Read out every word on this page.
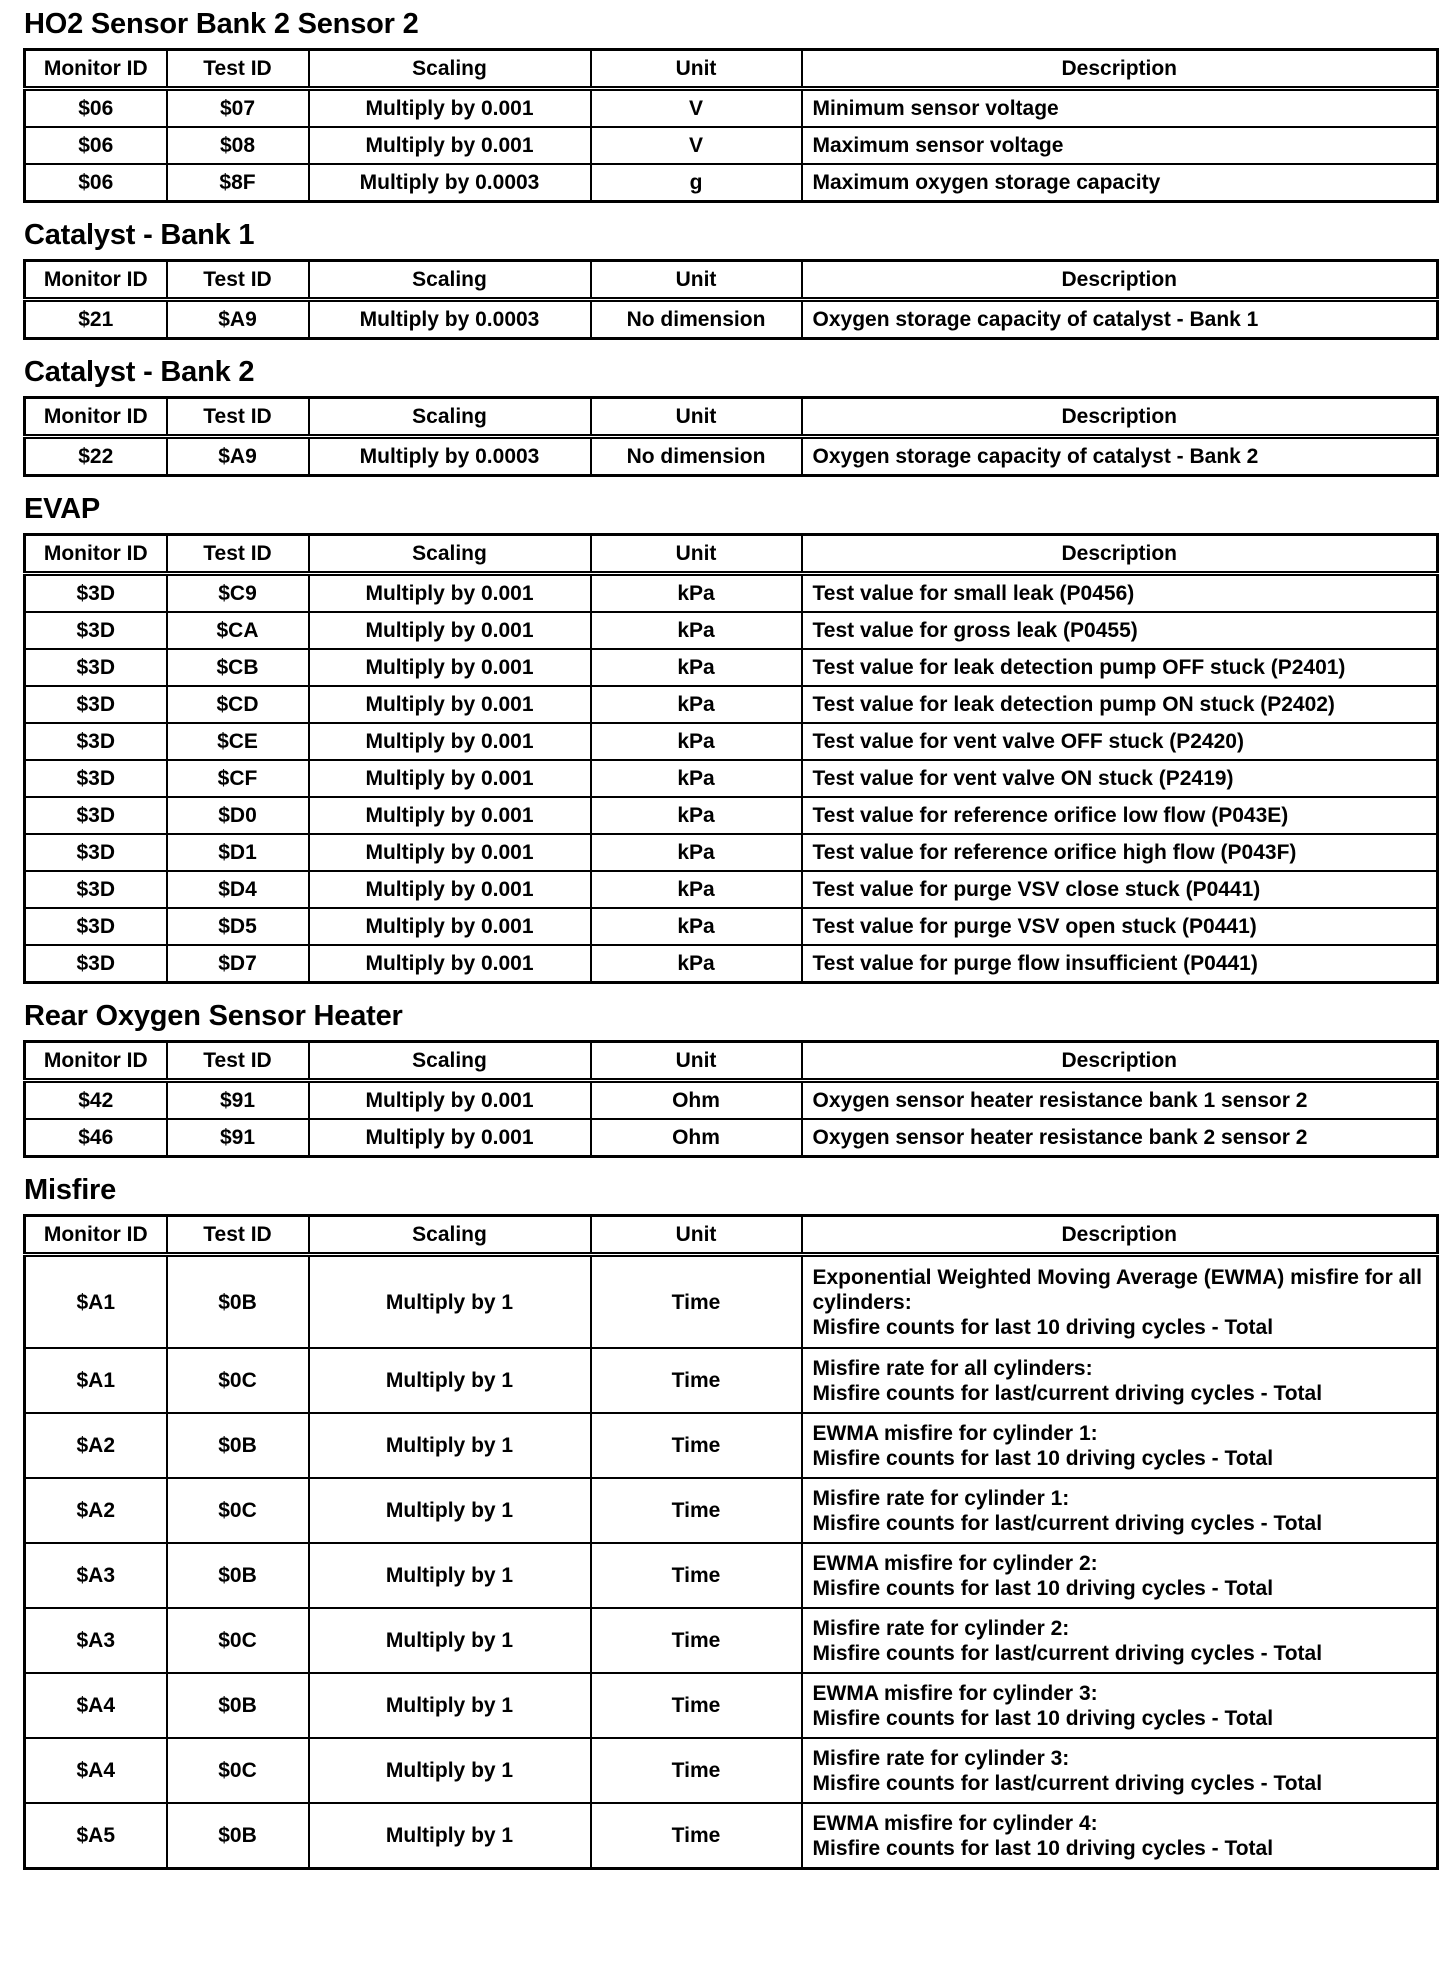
HO2 Sensor Bank 2 Sensor 2
Monitor ID	Test ID	Scaling	Unit	Description
$06	$07	Multiply by 0.001	V	Minimum sensor voltage

$06	$08	Multiply by 0.001	V	Maximum sensor voltage

$06	$8F	Multiply by 0.0003	g	Maximum oxygen storage capacity
Catalyst - Bank 1
Monitor ID	Test ID	Scaling	Unit	Description
$21	$A9	Multiply by 0.0003	No dimension	Oxygen storage capacity of catalyst - Bank 1
Catalyst - Bank 2
Monitor ID	Test ID	Scaling	Unit	Description
$22	$A9	Multiply by 0.0003	No dimension	Oxygen storage capacity of catalyst - Bank 2
EVAP
Monitor ID	Test ID	Scaling	Unit	Description
$3D	$C9	Multiply by 0.001	kPa	Test value for small leak (P0456)

$3D	$CA	Multiply by 0.001	kPa	Test value for gross leak (P0455)

$3D	$CB	Multiply by 0.001	kPa	Test value for leak detection pump OFF stuck (P2401)

$3D	$CD	Multiply by 0.001	kPa	Test value for leak detection pump ON stuck (P2402)

$3D	$CE	Multiply by 0.001	kPa	Test value for vent valve OFF stuck (P2420)

$3D	$CF	Multiply by 0.001	kPa	Test value for vent valve ON stuck (P2419)

$3D	$D0	Multiply by 0.001	kPa	Test value for reference orifice low flow (P043E)

$3D	$D1	Multiply by 0.001	kPa	Test value for reference orifice high flow (P043F)

$3D	$D4	Multiply by 0.001	kPa	Test value for purge VSV close stuck (P0441)

$3D	$D5	Multiply by 0.001	kPa	Test value for purge VSV open stuck (P0441)

$3D	$D7	Multiply by 0.001	kPa	Test value for purge flow insufficient (P0441)
Rear Oxygen Sensor Heater
Monitor ID	Test ID	Scaling	Unit	Description
$42	$91	Multiply by 0.001	Ohm	Oxygen sensor heater resistance bank 1 sensor 2

$46	$91	Multiply by 0.001	Ohm	Oxygen sensor heater resistance bank 2 sensor 2
Misfire
Monitor ID	Test ID	Scaling	Unit	Description
$A1	$0B	Multiply by 1	Time	Exponential Weighted Moving Average (EWMA) misfire for all cylinders:
Misfire counts for last 10 driving cycles - Total

$A1	$0C	Multiply by 1	Time	Misfire rate for all cylinders:
Misfire counts for last/current driving cycles - Total

$A2	$0B	Multiply by 1	Time	EWMA misfire for cylinder 1:
Misfire counts for last 10 driving cycles - Total

$A2	$0C	Multiply by 1	Time	Misfire rate for cylinder 1:
Misfire counts for last/current driving cycles - Total

$A3	$0B	Multiply by 1	Time	EWMA misfire for cylinder 2:
Misfire counts for last 10 driving cycles - Total

$A3	$0C	Multiply by 1	Time	Misfire rate for cylinder 2:
Misfire counts for last/current driving cycles - Total

$A4	$0B	Multiply by 1	Time	EWMA misfire for cylinder 3:
Misfire counts for last 10 driving cycles - Total

$A4	$0C	Multiply by 1	Time	Misfire rate for cylinder 3:
Misfire counts for last/current driving cycles - Total

$A5	$0B	Multiply by 1	Time	EWMA misfire for cylinder 4:
Misfire counts for last 10 driving cycles - Total
